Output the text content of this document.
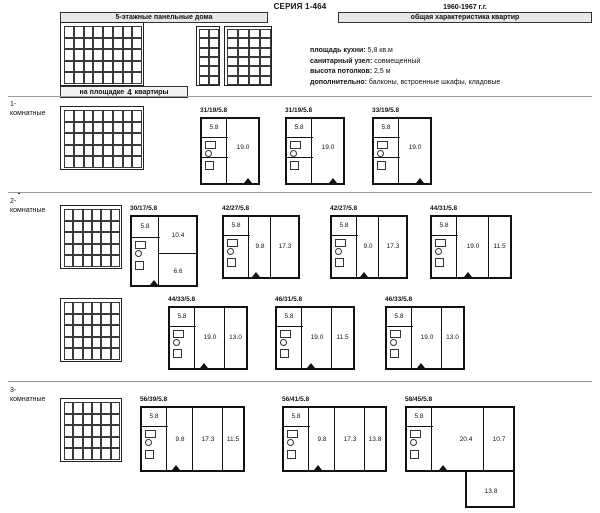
СЕРИЯ 1-464
5-этажные панельные дома
1960-1967 г.г.
общая характеристика квартир
площадь кухни: 5,8 кв.м
санитарный узел: совмещенный
высота потолков: 2,5 м
дополнительно: балконы, встроенные шкафы, кладовые
на площадке 4 квартиры
1-
комнатные
2-
комнатные
3-
комнатные
31/19/5.8
5.8
19.0
31/19/5.8
5.8
19.0
33/19/5.8
5.8
19.0
30/17/5.8
5.8
10.4
6.6
42/27/5.8
5.8
9.8	17.3
42/27/5.8
5.8
9.0	17.3
44/31/5.8
5.8
19.0	11.5
44/33/5.8
5.8
19.0	13.0
46/31/5.8
5.8
19.0	11.5
46/33/5.8
5.8
19.0	13.0
56/39/5.8
5.8
9.8	17.3	11.5
56/41/5.8
5.8
9.8	17.3	13.8
58/45/5.8
5.8
20.4	10.7
13.8
